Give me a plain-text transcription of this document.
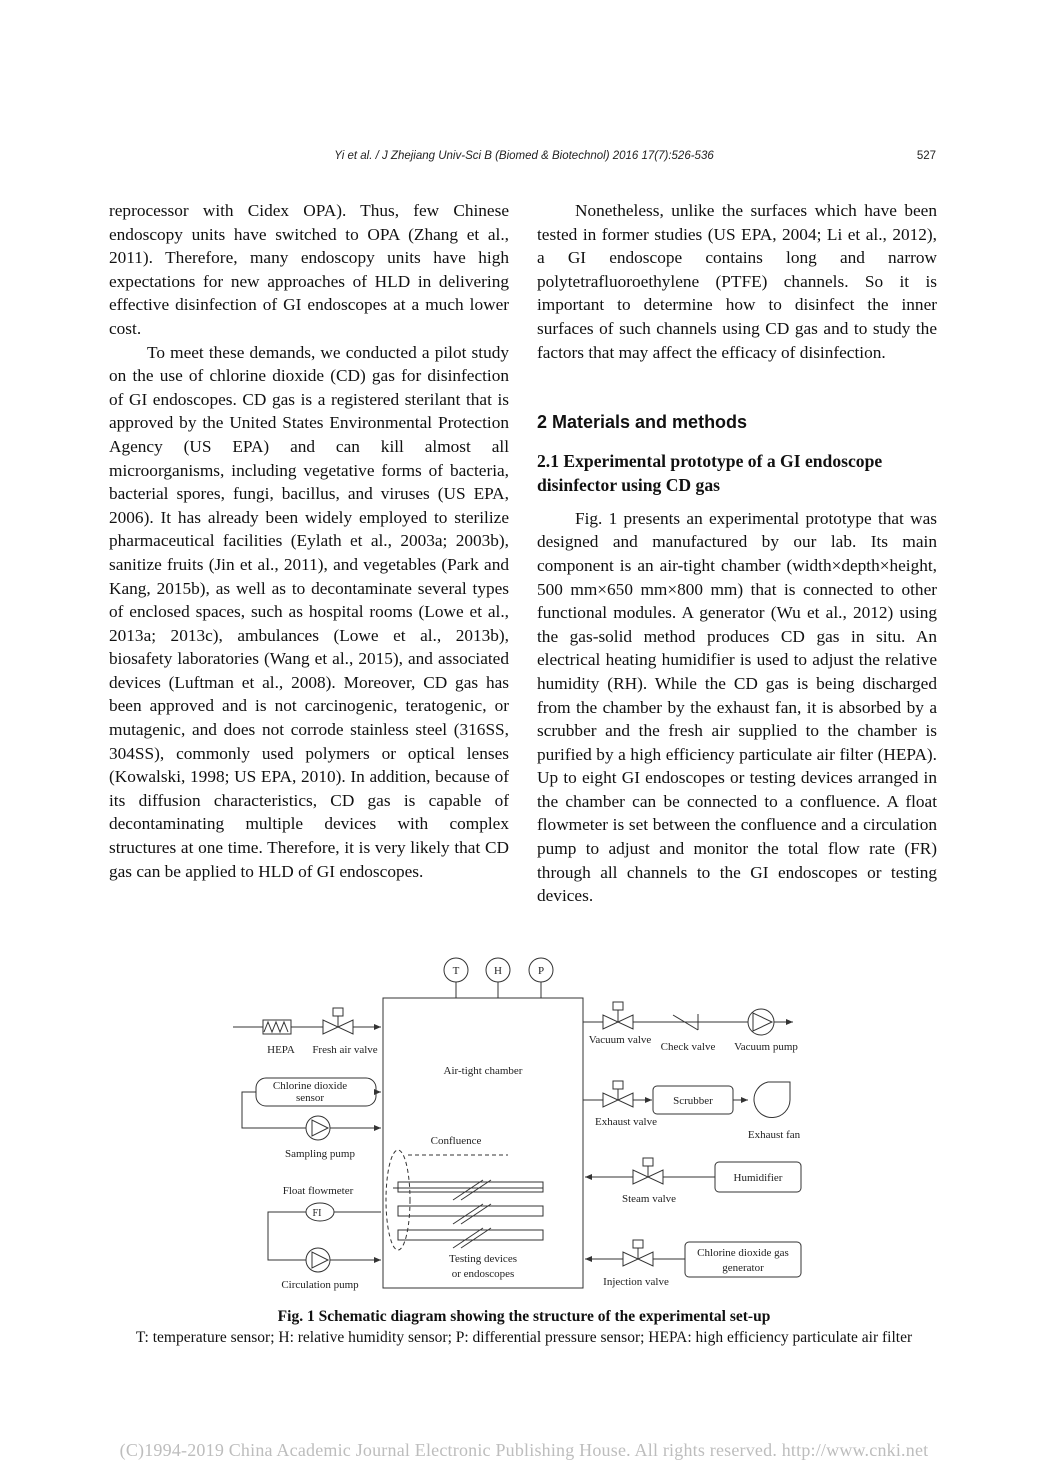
Yi et al. / J Zhejiang Univ-Sci B (Biomed & Biotechnol) 2016 17(7):526-536	527

reprocessor with Cidex OPA). Thus, few Chinese endoscopy units have switched to OPA (Zhang et al., 2011). Therefore, many endoscopy units have high expectations for new approaches of HLD in delivering effective disinfection of GI endoscopes at a much lower cost.

To meet these demands, we conducted a pilot study on the use of chlorine dioxide (CD) gas for disinfection of GI endoscopes. CD gas is a registered sterilant that is approved by the United States Environmental Protection Agency (US EPA) and can kill almost all microorganisms, including vegetative forms of bacteria, bacterial spores, fungi, bacillus, and viruses (US EPA, 2006). It has already been widely employed to sterilize pharmaceutical facilities (Eylath et al., 2003a; 2003b), sanitize fruits (Jin et al., 2011), and vegetables (Park and Kang, 2015b), as well as to decontaminate several types of enclosed spaces, such as hospital rooms (Lowe et al., 2013a; 2013c), ambulances (Lowe et al., 2013b), biosafety laboratories (Wang et al., 2015), and associated devices (Luftman et al., 2008). Moreover, CD gas has been approved and is not carcinogenic, teratogenic, or mutagenic, and does not corrode stainless steel (316SS, 304SS), commonly used polymers or optical lenses (Kowalski, 1998; US EPA, 2010). In addition, because of its diffusion characteristics, CD gas is capable of decontaminating multiple devices with complex structures at one time. Therefore, it is very likely that CD gas can be applied to HLD of GI endoscopes.

Nonetheless, unlike the surfaces which have been tested in former studies (US EPA, 2004; Li et al., 2012), a GI endoscope contains long and narrow polytetrafluoroethylene (PTFE) channels. So it is important to determine how to disinfect the inner surfaces of such channels using CD gas and to study the factors that may affect the efficacy of disinfection.

2 Materials and methods
2.1 Experimental prototype of a GI endoscope disinfector using CD gas

Fig. 1 presents an experimental prototype that was designed and manufactured by our lab. Its main component is an air-tight chamber (width×depth×height, 500 mm×650 mm×800 mm) that is connected to other functional modules. A generator (Wu et al., 2012) using the gas-solid method produces CD gas in situ. An electrical heating humidifier is used to adjust the relative humidity (RH). While the CD gas is being discharged from the chamber by the exhaust fan, it is absorbed by a scrubber and the fresh air supplied to the chamber is purified by a high efficiency particulate air filter (HEPA). Up to eight GI endoscopes or testing devices arranged in the chamber can be connected to a confluence. A float flowmeter is set between the confluence and a circulation pump to adjust and monitor the total flow rate (FR) through all channels to the GI endoscopes or testing devices.

T	H	P
HEPA Fresh air valve
Air-tight chamber
Chlorine dioxide
sensor
Sampling pump
Confluence
Float flowmeter
FI
Circulation pump
Testing devices
or endoscopes
Vacuum valve
Check valve Vacuum pump
Exhaust valve
Scrubber
Exhaust fan
Steam valve
Humidifier
Chlorine dioxide gas
generator
Injection valve
Fig. 1 Schematic diagram showing the structure of the experimental set-up
T: temperature sensor; H: relative humidity sensor; P: differential pressure sensor; HEPA: high efficiency particulate air filter
(C)1994-2019 China Academic Journal Electronic Publishing House. All rights reserved. http://www.cnki.net
